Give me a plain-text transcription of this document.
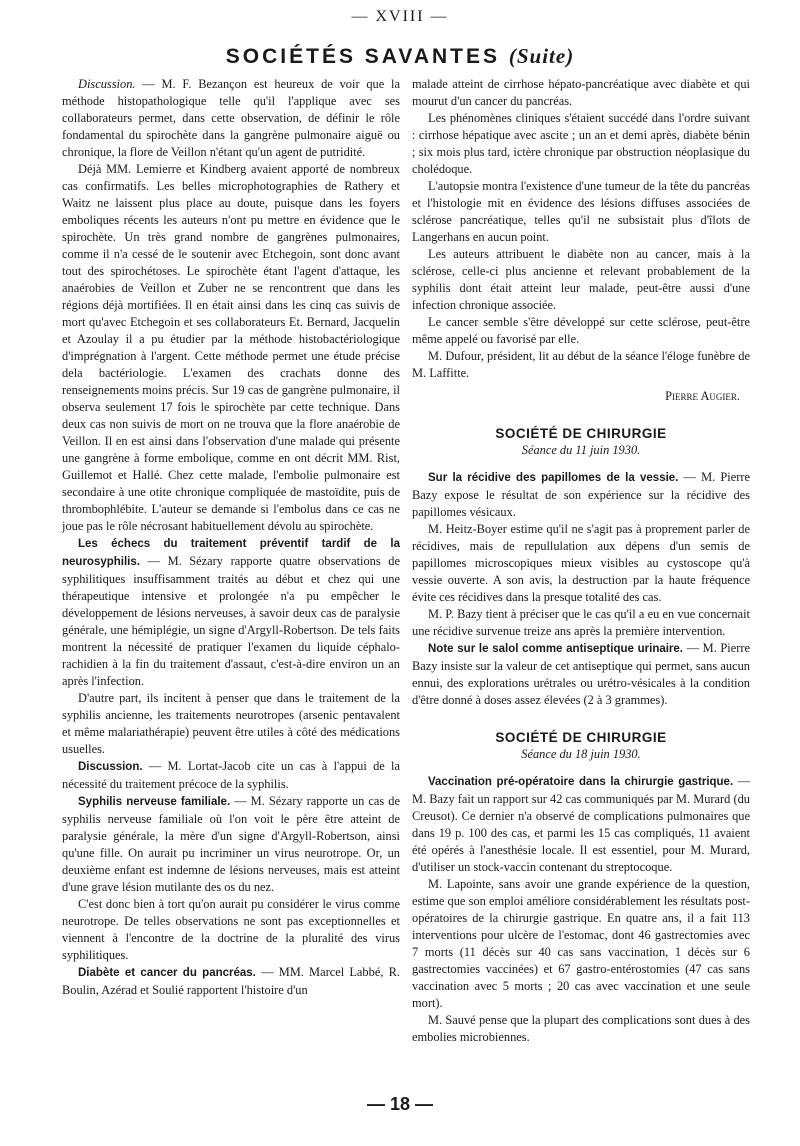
— XVIII —
SOCIÉTÉS SAVANTES (Suite)

Discussion. — M. F. Bezançon est heureux de voir que la méthode histopathologique telle qu'il l'applique avec ses collaborateurs permet, dans cette observation, de définir le rôle fondamental du spirochète dans la gangrène pulmonaire aiguë ou chronique, la flore de Veillon n'étant qu'un agent de putridité.

Déjà MM. Lemierre et Kindberg avaient apporté de nombreux cas confirmatifs. Les belles microphotographies de Rathery et Waitz ne laissent plus place au doute, puisque dans les foyers emboliques récents les auteurs n'ont pu mettre en évidence que le spirochète. Un très grand nombre de gangrènes pulmonaires, comme il n'a cessé de le soutenir avec Etchegoin, sont donc avant tout des spirochétoses. Le spirochète étant l'agent d'attaque, les anaérobies de Veillon et Zuber ne se rencontrent que dans les régions déjà mortifiées. Il en était ainsi dans les cinq cas suivis de mort qu'avec Etchegoin et ses collaborateurs Et. Bernard, Jacquelin et Azoulay il a pu étudier par la méthode histobactériologique d'imprégnation à l'argent. Cette méthode permet une étude précise dela bactériologie. L'examen des crachats donne des renseignements moins précis. Sur 19 cas de gangrène pulmonaire, il observa seulement 17 fois le spirochète par cette technique. Dans deux cas non suivis de mort on ne trouva que la flore anaérobie de Veillon. Il en est ainsi dans l'observation d'une malade qui présente une gangrène à forme embolique, comme en ont décrit MM. Rist, Guillemot et Hallé. Chez cette malade, l'embolie pulmonaire est secondaire à une otite chronique compliquée de mastoïdite, puis de thrombophlébite. L'auteur se demande si l'embolus dans ce cas ne joue pas le rôle nécrosant habituellement dévolu au spirochète.

Les échecs du traitement préventif tardif de la neurosyphilis. — M. Sézary rapporte quatre observations de syphilitiques insuffisamment traités au début et chez qui une thérapeutique intensive et prolongée n'a pu empêcher le développement de lésions nerveuses, à savoir deux cas de paralysie générale, une hémiplégie, un signe d'Argyll-Robertson. De tels faits montrent la nécessité de pratiquer l'examen du liquide céphalo-rachidien à la fin du traitement d'assaut, c'est-à-dire environ un an après l'infection.

D'autre part, ils incitent à penser que dans le traitement de la syphilis ancienne, les traitements neurotropes (arsenic pentavalent et même malariathérapie) peuvent être utiles à côté des médications usuelles.

Discussion. — M. Lortat-Jacob cite un cas à l'appui de la nécessité du traitement précoce de la syphilis.

Syphilis nerveuse familiale. — M. Sézary rapporte un cas de syphilis nerveuse familiale où l'on voit le père être atteint de paralysie générale, la mère d'un signe d'Argyll-Robertson, ainsi qu'une fille. On aurait pu incriminer un virus neurotrope. Or, un deuxième enfant est indemne de lésions nerveuses, mais est atteint d'une grave lésion mutilante des os du nez.

C'est donc bien à tort qu'on aurait pu considérer le virus comme neurotrope. De telles observations ne sont pas exceptionnelles et viennent à l'encontre de la doctrine de la pluralité des virus syphilitiques.

Diabète et cancer du pancréas. — MM. Marcel Labbé, R. Boulin, Azérad et Soulié rapportent l'histoire d'un

malade atteint de cirrhose hépato-pancréatique avec diabète et qui mourut d'un cancer du pancréas.

Les phénomènes cliniques s'étaient succédé dans l'ordre suivant : cirrhose hépatique avec ascite ; un an et demi après, diabète bénin ; six mois plus tard, ictère chronique par obstruction néoplasique du cholédoque.

L'autopsie montra l'existence d'une tumeur de la tête du pancréas et l'histologie mit en évidence des lésions diffuses associées de sclérose pancréatique, telles qu'il ne subsistait plus d'îlots de Langerhans en aucun point.

Les auteurs attribuent le diabète non au cancer, mais à la sclérose, celle-ci plus ancienne et relevant probablement de la syphilis dont était atteint leur malade, peut-être aussi d'une infection chronique associée.

Le cancer semble s'être développé sur cette sclérose, peut-être même appelé ou favorisé par elle.

M. Dufour, président, lit au début de la séance l'éloge funèbre de M. Laffitte.

Pierre Augier.
SOCIÉTÉ DE CHIRURGIE
Séance du 11 juin 1930.

Sur la récidive des papillomes de la vessie. — M. Pierre Bazy expose le résultat de son expérience sur la récidive des papillomes vésicaux.

M. Heitz-Boyer estime qu'il ne s'agit pas à proprement parler de récidives, mais de repullulation aux dépens d'un semis de papillomes microscopiques mieux visibles au cystoscope qu'à vessie ouverte. A son avis, la destruction par la haute fréquence évite ces récidives dans la presque totalité des cas.

M. P. Bazy tient à préciser que le cas qu'il a eu en vue concernait une récidive survenue treize ans après la première intervention.

Note sur le salol comme antiseptique urinaire. — M. Pierre Bazy insiste sur la valeur de cet antiseptique qui permet, sans aucun ennui, des explorations urétrales ou urétro-vésicales à la condition d'être donné à doses assez élevées (2 à 3 grammes).

SOCIÉTÉ DE CHIRURGIE
Séance du 18 juin 1930.

Vaccination pré-opératoire dans la chirurgie gastrique. — M. Bazy fait un rapport sur 42 cas communiqués par M. Murard (du Creusot). Ce dernier n'a observé de complications pulmonaires que dans 19 p. 100 des cas, et parmi les 15 cas compliqués, 11 avaient été opérés à l'anesthésie locale. Il est essentiel, pour M. Murard, d'utiliser un stock-vaccin contenant du streptocoque.

M. Lapointe, sans avoir une grande expérience de la question, estime que son emploi améliore considérablement les résultats post-opératoires de la chirurgie gastrique. En quatre ans, il a fait 113 interventions pour ulcère de l'estomac, dont 46 gastrectomies avec 7 morts (11 décès sur 40 cas sans vaccination, 1 décès sur 6 gastrectomies vaccinées) et 67 gastro-entérostomies (47 cas sans vaccination avec 5 morts ; 20 cas avec vaccination et une seule mort).

M. Sauvé pense que la plupart des complications sont dues à des embolies microbiennes.

— 18 —
